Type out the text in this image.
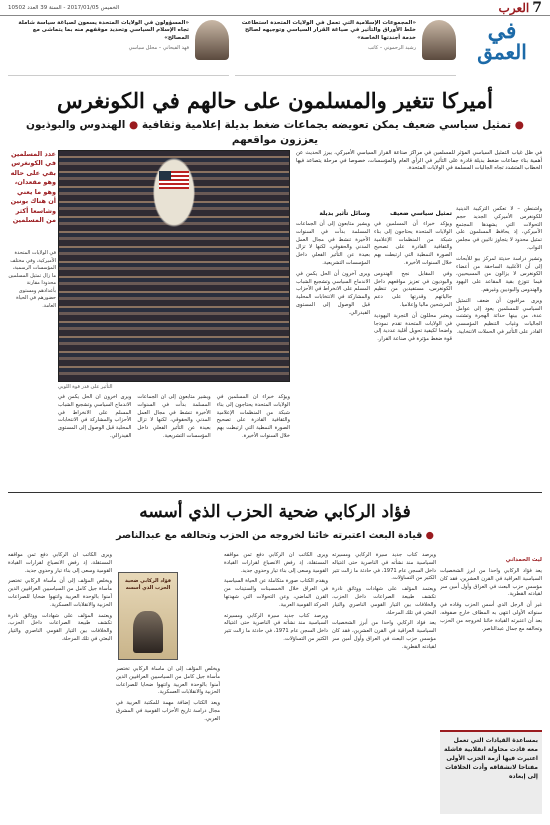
7
العرب
الخميس 2017/01/05 - السنة 39 العدد 10502
في
العمق
«المجموعات الإسلامية التي تعمل في الولايات المتحدة استطاعت خلط الأوراق والتأثير في صياغة القرار السياسي وتوجيهه لصالح خدمة أجندتها الخاصة»
رشيد الرحموني – كاتب
«المسؤولون في الولايات المتحدة يسعون لصياغة سياسة شاملة تجاه الإسلام السياسي وتحديد موقفهم منه بما يتماشى مع المصالح»
فهد الفيحاني – محلل سياسي
أميركا تتغير والمسلمون على حالهم في الكونغرس
● تمثيل سياسي ضعيف يمكن تعويضه بجماعات ضغط بديلة إعلامية وثقافية ● الهندوس والبوذيون يعززون مواقعهم
في ظل غياب التمثيل السياسي المؤثر للمسلمين في مراكز صناعة القرار السياسي الأميركي، يبرز الحديث عن أهمية بناء جماعات ضغط بديلة قادرة على التأثير في الرأي العام والمؤسسات، خصوصا في مرحلة يتصاعد فيها الخطاب المتشدد تجاه الجاليات المسلمة في الولايات المتحدة.
التأثير على قدر قوة اللوبي

واشنطن – لا تعكس التركيبة الدينية للكونغرس الأميركي الجديد حجم التحولات التي يشهدها المجتمع الأميركي، إذ يحافظ المسلمون على تمثيل محدود لا يتجاوز نائبين في مجلس النواب.

وتشير دراسة حديثة لمركز بيو للأبحاث إلى أن الأغلبية الساحقة من أعضاء الكونغرس لا يزالون من المسيحيين، فيما تتوزع بقية المقاعد على اليهود والهندوس والبوذيين وغيرهم.

ويرى مراقبون أن ضعف التمثيل السياسي للمسلمين يعود إلى عوامل عدة، من بينها حداثة الهجرة وتشتت الجاليات وغياب التنظيم المؤسسي القادر على التأثير في الحملات الانتخابية.

تمثيل سياسي ضعيف

ويؤكد خبراء أن المسلمين في الولايات المتحدة يحتاجون إلى بناء شبكة من المنظمات الإعلامية والثقافية القادرة على تصحيح الصورة النمطية التي ارتبطت بهم خلال السنوات الأخيرة.

وفي المقابل نجح الهندوس والبوذيون في تعزيز مواقعهم داخل الكونغرس، مستفيدين من تنظيم جالياتهم وقدرتها على دعم المرشحين ماليا وإعلاميا.

ويعتبر محللون أن التجربة اليهودية في الولايات المتحدة تقدم نموذجا واضحا لكيفية تحويل أقلية عددية إلى قوة ضغط مؤثرة في صناعة القرار.

وسائل تأثير بديلة

ويشير متابعون إلى أن الجماعات المسلمة بدأت في السنوات الأخيرة تنشط في مجال العمل المدني والحقوقي، لكنها لا تزال بعيدة عن التأثير الفعلي داخل المؤسسات التشريعية.

ويرى آخرون أن الحل يكمن في الاندماج السياسي وتشجيع الشباب المسلم على الانخراط في الأحزاب والمشاركة في الانتخابات المحلية قبل الوصول إلى المستوى الفيدرالي.

ويؤكد خبراء أن المسلمين في الولايات المتحدة يحتاجون إلى بناء شبكة من المنظمات الإعلامية والثقافية القادرة على تصحيح الصورة النمطية التي ارتبطت بهم خلال السنوات الأخيرة.

ويشير متابعون إلى أن الجماعات المسلمة بدأت في السنوات الأخيرة تنشط في مجال العمل المدني والحقوقي، لكنها لا تزال بعيدة عن التأثير الفعلي داخل المؤسسات التشريعية.

ويرى آخرون أن الحل يكمن في الاندماج السياسي وتشجيع الشباب المسلم على الانخراط في الأحزاب والمشاركة في الانتخابات المحلية قبل الوصول إلى المستوى الفيدرالي.

عدد المسلمين في الكونغرس بقي على حاله وهو مقعدان، وهو ما يعني أن هناك بونين وشاسعا أكثر من المسلمين
في الولايات المتحدة الأميركية، وفي مختلف المؤسسات الرسمية، ما زال تمثيل المسلمين محدودا مقارنة بأعدادهم ومستوى حضورهم في الحياة العامة.
فؤاد الركابي ضحية الحزب الذي أسسه
● قيادة البعث اعتبرته خائنا لخروجه من الحزب وتحالفه مع عبدالناصر
ليث الحمداني

يعد فؤاد الركابي واحدا من أبرز الشخصيات السياسية العراقية في القرن العشرين، فقد كان مؤسس حزب البعث في العراق وأول أمين سر لقيادته القطرية.

غير أن الرجل الذي أسس الحزب وقاده في سنواته الأولى انتهى به المطاف خارج صفوفه، بعد أن اعتبرته القيادة خائنا لخروجه من الحزب وتحالفه مع جمال عبدالناصر.

ويرصد كتاب جديد سيرة الركابي ومسيرته السياسية منذ نشأته في الناصرية حتى اغتياله داخل السجن عام 1971، في حادثة ما زالت تثير الكثير من التساؤلات.

ويعتمد المؤلف على شهادات ووثائق نادرة تكشف طبيعة الصراعات داخل الحزب، والخلافات بين التيار القومي الناصري والتيار البعثي في تلك المرحلة.

يعد فؤاد الركابي واحدا من أبرز الشخصيات السياسية العراقية في القرن العشرين، فقد كان مؤسس حزب البعث في العراق وأول أمين سر لقيادته القطرية.

ويرى الكاتب أن الركابي دفع ثمن مواقفه المستقلة، إذ رفض الانصياع لقرارات القيادة القومية وسعى إلى بناء تيار وحدوي جديد.

ويقدم الكتاب صورة متكاملة عن الحياة السياسية في العراق خلال الخمسينات والستينات من القرن الماضي، وعن التحولات التي شهدتها الحركة القومية العربية.

ويرصد كتاب جديد سيرة الركابي ومسيرته السياسية منذ نشأته في الناصرية حتى اغتياله داخل السجن عام 1971، في حادثة ما زالت تثير الكثير من التساؤلات.

ويخلص المؤلف إلى أن مأساة الركابي تختصر مأساة جيل كامل من السياسيين العراقيين الذين آمنوا بالوحدة العربية وانتهوا ضحايا للصراعات الحزبية والانقلابات العسكرية.

ويعد الكتاب إضافة مهمة للمكتبة العربية في مجال دراسة تاريخ الأحزاب القومية في المشرق العربي.

ويرى الكاتب أن الركابي دفع ثمن مواقفه المستقلة، إذ رفض الانصياع لقرارات القيادة القومية وسعى إلى بناء تيار وحدوي جديد.

ويخلص المؤلف إلى أن مأساة الركابي تختصر مأساة جيل كامل من السياسيين العراقيين الذين آمنوا بالوحدة العربية وانتهوا ضحايا للصراعات الحزبية والانقلابات العسكرية.

ويعتمد المؤلف على شهادات ووثائق نادرة تكشف طبيعة الصراعات داخل الحزب، والخلافات بين التيار القومي الناصري والتيار البعثي في تلك المرحلة.

فؤاد الركابي ضحية الحزب الذي أسسه
بمساعدة القيادات التي تعمل معه قادت محاولة انقلابية فاشلة اعتبرت فيها أزمة الحزب الأولى مفتاحا لانشقاقه وأدت الخلافات إلى إبعاده
